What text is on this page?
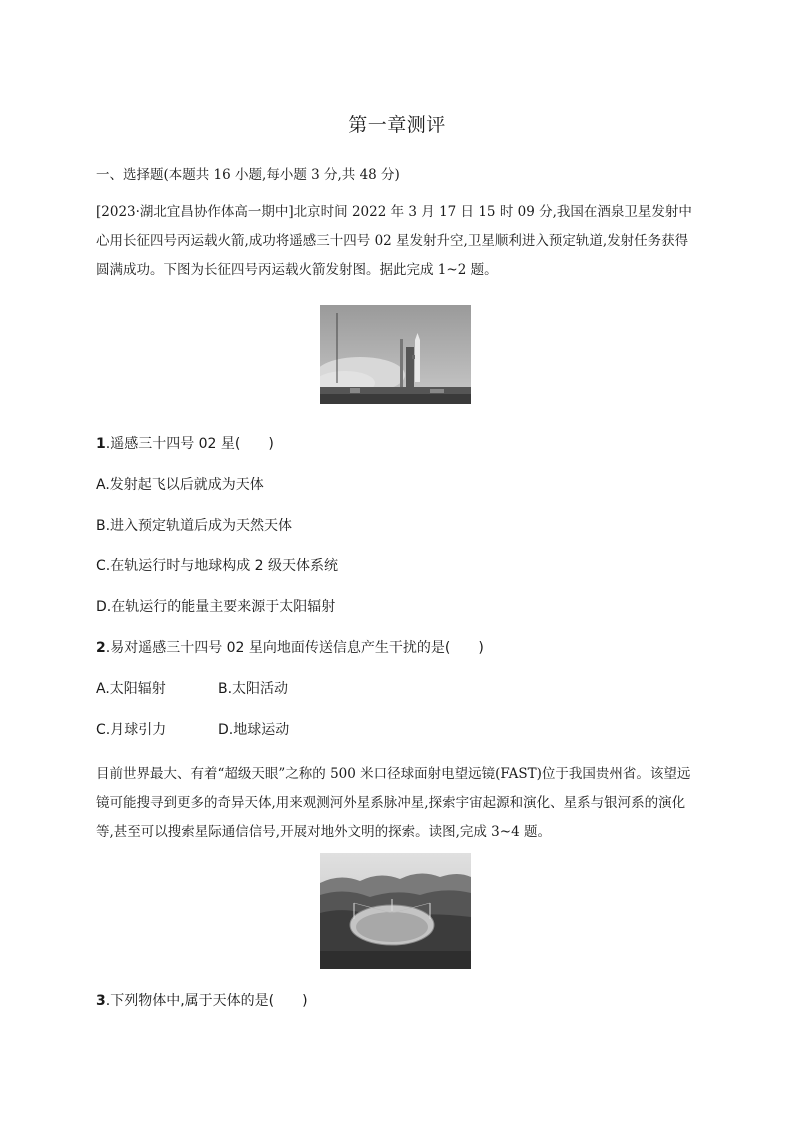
第一章测评
一、选择题(本题共 16 小题,每小题 3 分,共 48 分)
[2023·湖北宜昌协作体高一期中]北京时间 2022 年 3 月 17 日 15 时 09 分,我国在酒泉卫星发射中心用长征四号丙运载火箭,成功将遥感三十四号 02 星发射升空,卫星顺利进入预定轨道,发射任务获得圆满成功。下图为长征四号丙运载火箭发射图。据此完成 1~2 题。
1.遥感三十四号 02 星(　　)
A.发射起飞以后就成为天体
B.进入预定轨道后成为天然天体
C.在轨运行时与地球构成 2 级天体系统
D.在轨运行的能量主要来源于太阳辐射
2.易对遥感三十四号 02 星向地面传送信息产生干扰的是(　　)
A.太阳辐射	B.太阳活动
C.月球引力	D.地球运动
目前世界最大、有着“超级天眼”之称的 500 米口径球面射电望远镜(FAST)位于我国贵州省。该望远镜可能搜寻到更多的奇异天体,用来观测河外星系脉冲星,探索宇宙起源和演化、星系与银河系的演化等,甚至可以搜索星际通信信号,开展对地外文明的探索。读图,完成 3~4 题。
3.下列物体中,属于天体的是(　　)
